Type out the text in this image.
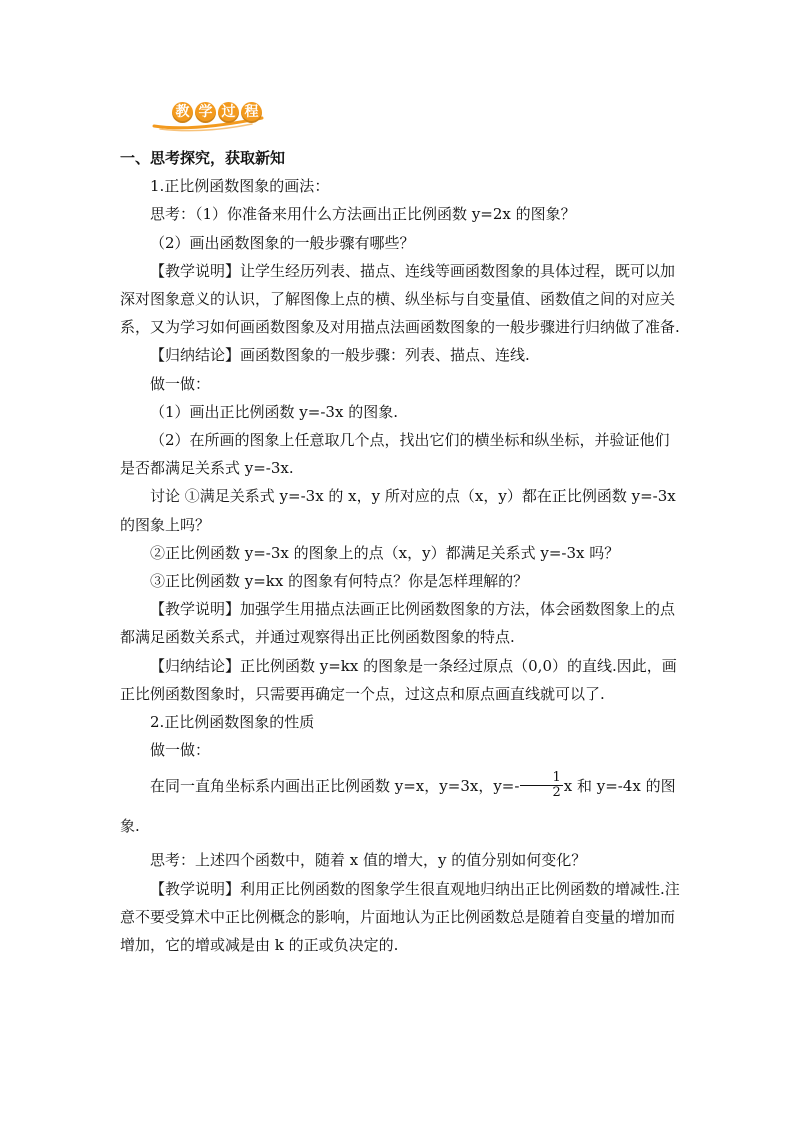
教 学 过 程

一、思考探究，获取新知

1.正比例函数图象的画法：

思考：（1）你准备来用什么方法画出正比例函数 y=2x 的图象？

（2）画出函数图象的一般步骤有哪些？

【教学说明】让学生经历列表、描点、连线等画函数图象的具体过程，既可以加深对图象意义的认识，了解图像上点的横、纵坐标与自变量值、函数值之间的对应关系，又为学习如何画函数图象及对用描点法画函数图象的一般步骤进行归纳做了准备.

【归纳结论】画函数图象的一般步骤：列表、描点、连线.

做一做：

（1）画出正比例函数 y=-3x 的图象.

（2）在所画的图象上任意取几个点，找出它们的横坐标和纵坐标，并验证他们是否都满足关系式 y=-3x.

讨论 ①满足关系式 y=-3x 的 x，y 所对应的点（x，y）都在正比例函数 y=-3x 的图象上吗？

②正比例函数 y=-3x 的图象上的点（x，y）都满足关系式 y=-3x 吗？

③正比例函数 y=kx 的图象有何特点？你是怎样理解的？

【教学说明】加强学生用描点法画正比例函数图象的方法，体会函数图象上的点都满足函数关系式，并通过观察得出正比例函数图象的特点.

【归纳结论】正比例函数 y=kx 的图象是一条经过原点（0,0）的直线.因此，画正比例函数图象时，只需要再确定一个点，过这点和原点画直线就可以了.

2.正比例函数图象的性质

做一做：

在同一直角坐标系内画出正比例函数 y=x，y=3x，$y=- \frac{1}{2}$ x 和 y=-4x 的图象.

思考：上述四个函数中，随着 x 值的增大，y 的值分别如何变化？

【教学说明】利用正比例函数的图象学生很直观地归纳出正比例函数的增减性.注意不要受算术中正比例概念的影响，片面地认为正比例函数总是随着自变量的增加而增加，它的增或减是由 k 的正或负决定的.
